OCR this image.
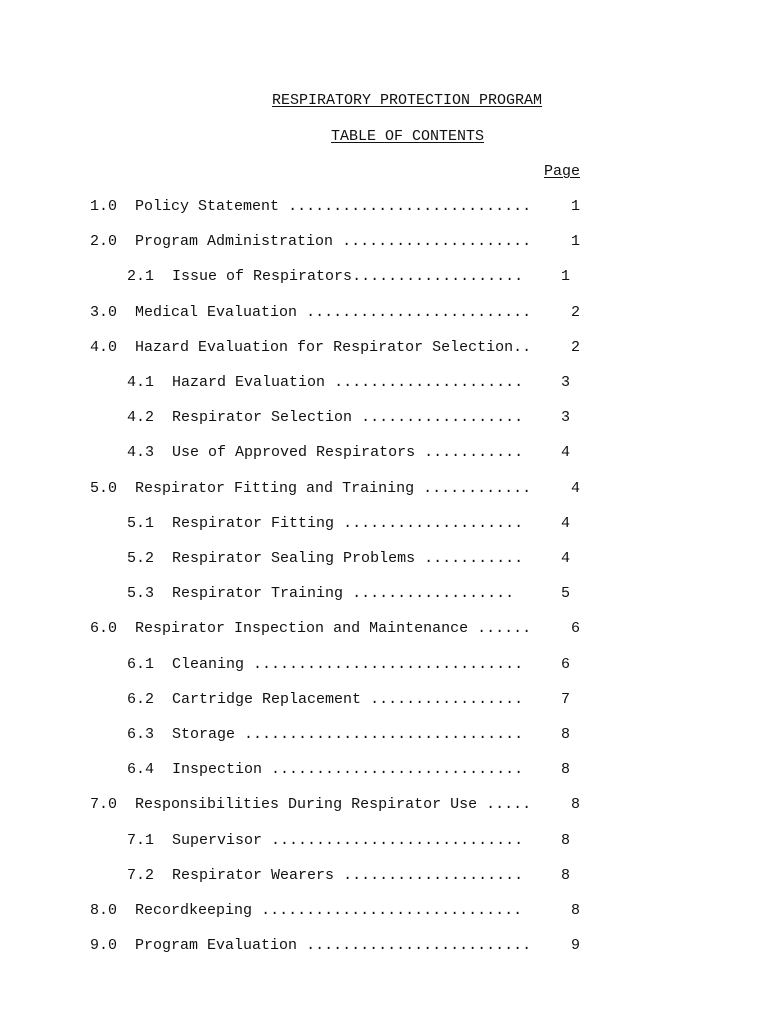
RESPIRATORY PROTECTION PROGRAM
TABLE OF CONTENTS
Page
1.0 Policy Statement ...........................	1
2.0 Program Administration .....................	1
2.1 Issue of Respirators...................	1
3.0 Medical Evaluation .........................	2
4.0 Hazard Evaluation for Respirator Selection..	2
4.1 Hazard Evaluation .....................	3
4.2 Respirator Selection ..................	3
4.3 Use of Approved Respirators ...........	4
5.0 Respirator Fitting and Training ............	4
5.1 Respirator Fitting ....................	4
5.2 Respirator Sealing Problems ...........	4
5.3 Respirator Training ..................	5
6.0 Respirator Inspection and Maintenance ......	6
6.1 Cleaning ..............................	6
6.2 Cartridge Replacement .................	7
6.3 Storage ...............................	8
6.4 Inspection ............................	8
7.0 Responsibilities During Respirator Use .....	8
7.1 Supervisor ............................	8
7.2 Respirator Wearers ....................	8
8.0 Recordkeeping .............................	8
9.0 Program Evaluation .........................	9
